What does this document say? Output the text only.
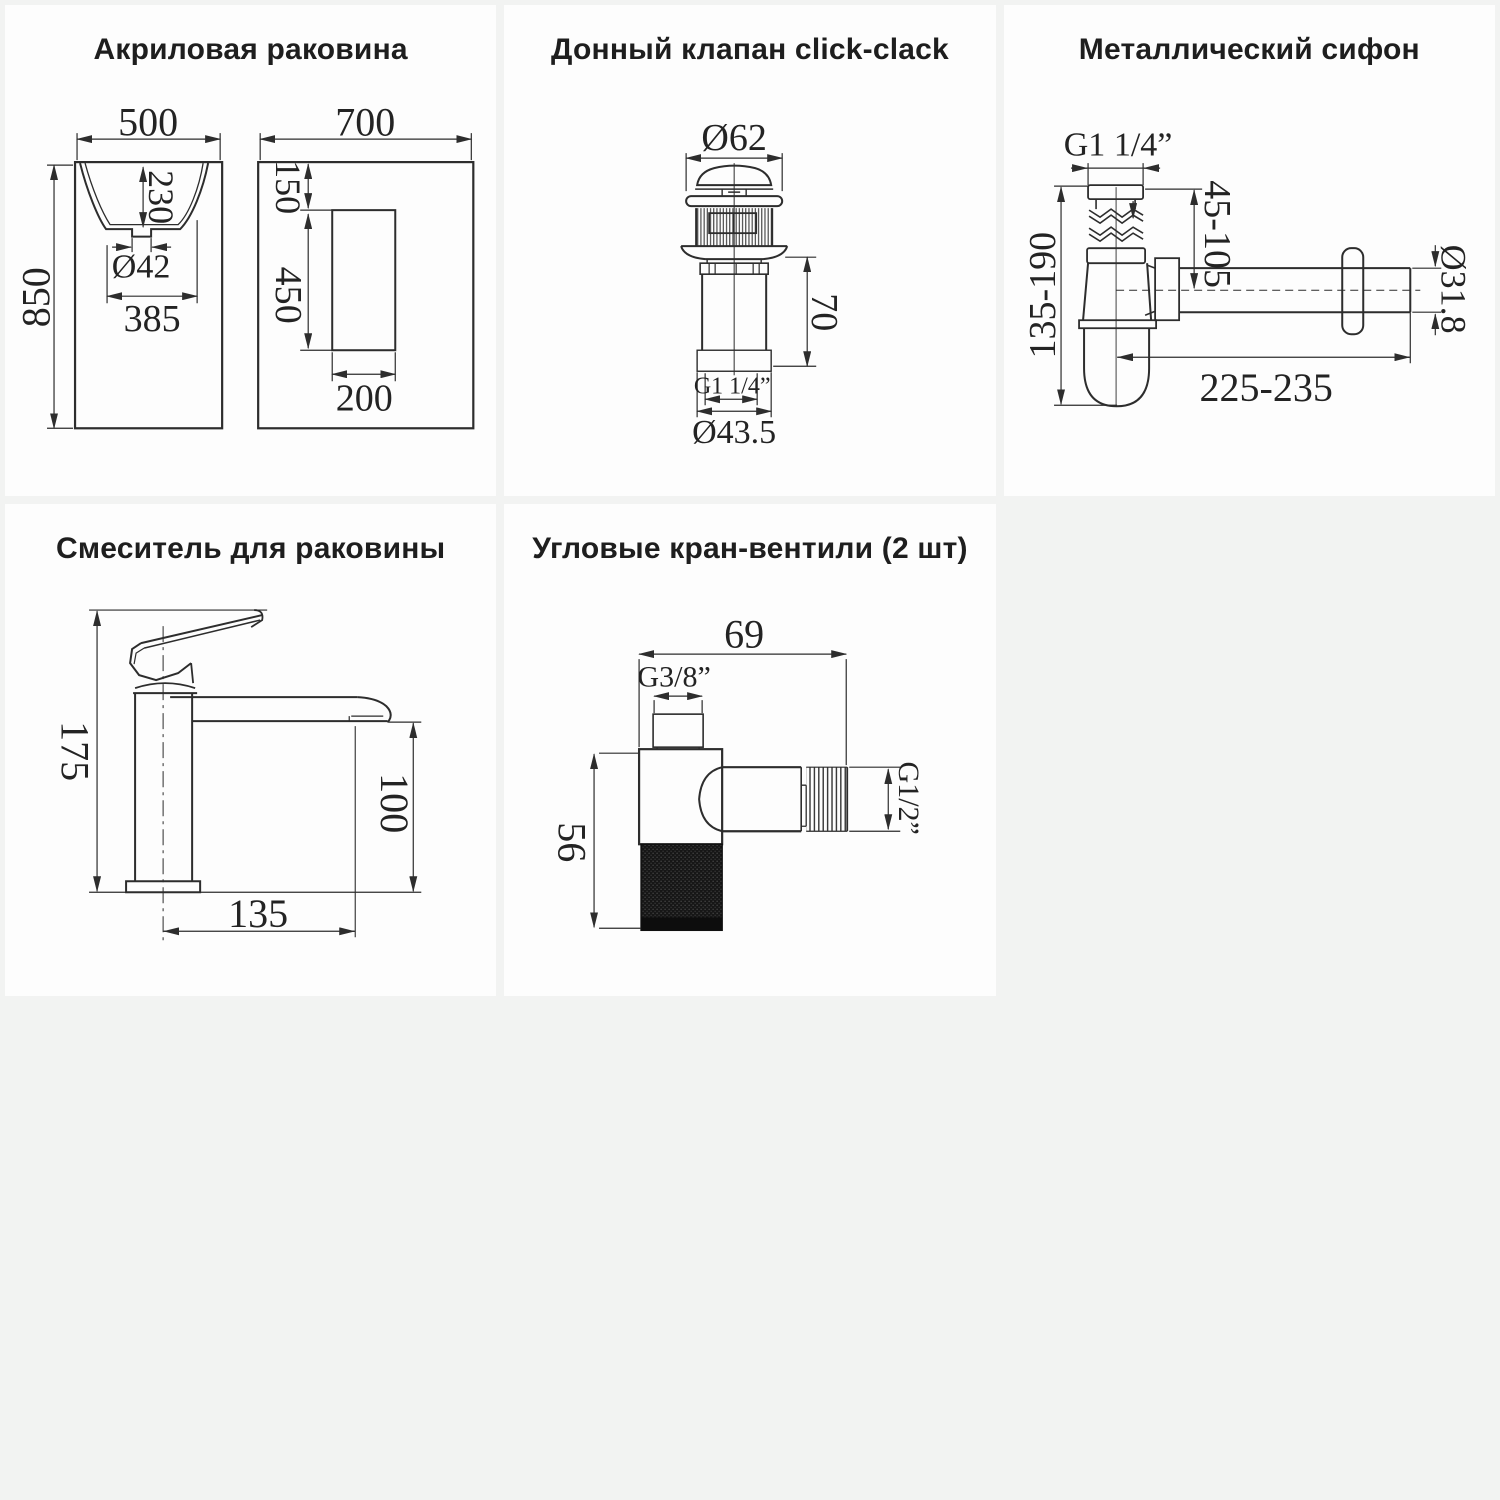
Акриловая раковина
500
850
230
Ø42
385
700
150
450
200
Донный клапан click-clack
Ø62
70
G1 1/4”
Ø43.5
Металлический сифон
G1 1/4”
135-190	45-105
Ø31.8
225-235
Смеситель для раковины
175
100
135
Угловые кран-вентили (2 шт)
69
G3/8”
56
G1/2”
